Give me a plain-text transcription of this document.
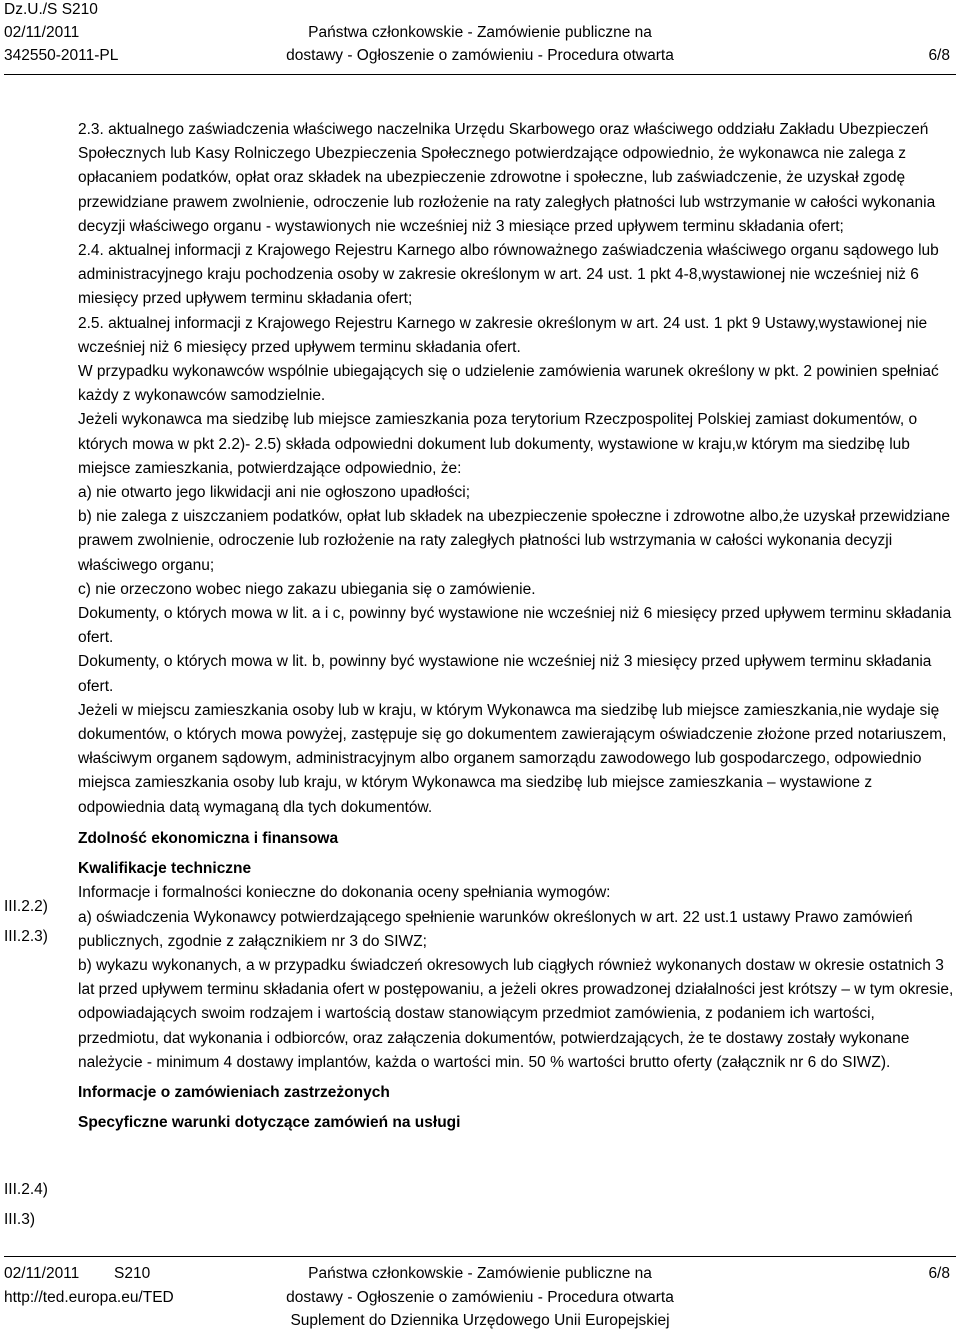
Dz.U./S S210
02/11/2011
342550-2011-PL
Państwa członkowskie - Zamówienie publiczne na
dostawy - Ogłoszenie o zamówieniu - Procedura otwarta	6/8
III.2.2)
III.2.3)
III.2.4)
III.3)

2.3. aktualnego zaświadczenia właściwego naczelnika Urzędu Skarbowego oraz właściwego oddziału Zakładu Ubezpieczeń Społecznych lub Kasy Rolniczego Ubezpieczenia Społecznego potwierdzające odpowiednio, że wykonawca nie zalega z opłacaniem podatków, opłat oraz składek na ubezpieczenie zdrowotne i społeczne, lub zaświadczenie, że uzyskał zgodę przewidziane prawem zwolnienie, odroczenie lub rozłożenie na raty zaległych płatności lub wstrzymanie w całości wykonania decyzji właściwego organu - wystawionych nie wcześniej niż 3 miesiące przed upływem terminu składania ofert;

2.4. aktualnej informacji z Krajowego Rejestru Karnego albo równoważnego zaświadczenia właściwego organu sądowego lub administracyjnego kraju pochodzenia osoby w zakresie określonym w art. 24 ust. 1 pkt 4-8,wystawionej nie wcześniej niż 6 miesięcy przed upływem terminu składania ofert;

2.5. aktualnej informacji z Krajowego Rejestru Karnego w zakresie określonym w art. 24 ust. 1 pkt 9 Ustawy,wystawionej nie wcześniej niż 6 miesięcy przed upływem terminu składania ofert.

W przypadku wykonawców wspólnie ubiegających się o udzielenie zamówienia warunek określony w pkt. 2 powinien spełniać każdy z wykonawców samodzielnie.

Jeżeli wykonawca ma siedzibę lub miejsce zamieszkania poza terytorium Rzeczpospolitej Polskiej zamiast dokumentów, o których mowa w pkt 2.2)- 2.5) składa odpowiedni dokument lub dokumenty, wystawione w kraju,w którym ma siedzibę lub miejsce zamieszkania, potwierdzające odpowiednio, że:

a) nie otwarto jego likwidacji ani nie ogłoszono upadłości;

b) nie zalega z uiszczaniem podatków, opłat lub składek na ubezpieczenie społeczne i zdrowotne albo,że uzyskał przewidziane prawem zwolnienie, odroczenie lub rozłożenie na raty zaległych płatności lub wstrzymania w całości wykonania decyzji właściwego organu;

c) nie orzeczono wobec niego zakazu ubiegania się o zamówienie.

Dokumenty, o których mowa w lit. a i c, powinny być wystawione nie wcześniej niż 6 miesięcy przed upływem terminu składania ofert.

Dokumenty, o których mowa w lit. b, powinny być wystawione nie wcześniej niż 3 miesięcy przed upływem terminu składania ofert.

Jeżeli w miejscu zamieszkania osoby lub w kraju, w którym Wykonawca ma siedzibę lub miejsce zamieszkania,nie wydaje się dokumentów, o których mowa powyżej, zastępuje się go dokumentem zawierającym oświadczenie złożone przed notariuszem, właściwym organem sądowym, administracyjnym albo organem samorządu zawodowego lub gospodarczego, odpowiednio miejsca zamieszkania osoby lub kraju, w którym Wykonawca ma siedzibę lub miejsce zamieszkania – wystawione z odpowiednia datą wymaganą dla tych dokumentów.

Zdolność ekonomiczna i finansowa

Kwalifikacje techniczne

Informacje i formalności konieczne do dokonania oceny spełniania wymogów:

a) oświadczenia Wykonawcy potwierdzającego spełnienie warunków określonych w art. 22 ust.1 ustawy Prawo zamówień publicznych, zgodnie z załącznikiem nr 3 do SIWZ;

b) wykazu wykonanych, a w przypadku świadczeń okresowych lub ciągłych również wykonanych dostaw w okresie ostatnich 3 lat przed upływem terminu składania ofert w postępowaniu, a jeżeli okres prowadzonej działalności jest krótszy – w tym okresie, odpowiadających swoim rodzajem i wartością dostaw stanowiącym przedmiot zamówienia, z podaniem ich wartości, przedmiotu, dat wykonania i odbiorców, oraz załączenia dokumentów, potwierdzających, że te dostawy zostały wykonane należycie - minimum 4 dostawy implantów, każda o wartości min. 50 % wartości brutto oferty (załącznik nr 6 do SIWZ).

Informacje o zamówieniach zastrzeżonych

Specyficzne warunki dotyczące zamówień na usługi

02/11/2011 S210
http://ted.europa.eu/TED
Państwa członkowskie - Zamówienie publiczne na
dostawy - Ogłoszenie o zamówieniu - Procedura otwarta
Suplement do Dziennika Urzędowego Unii Europejskiej
6/8
